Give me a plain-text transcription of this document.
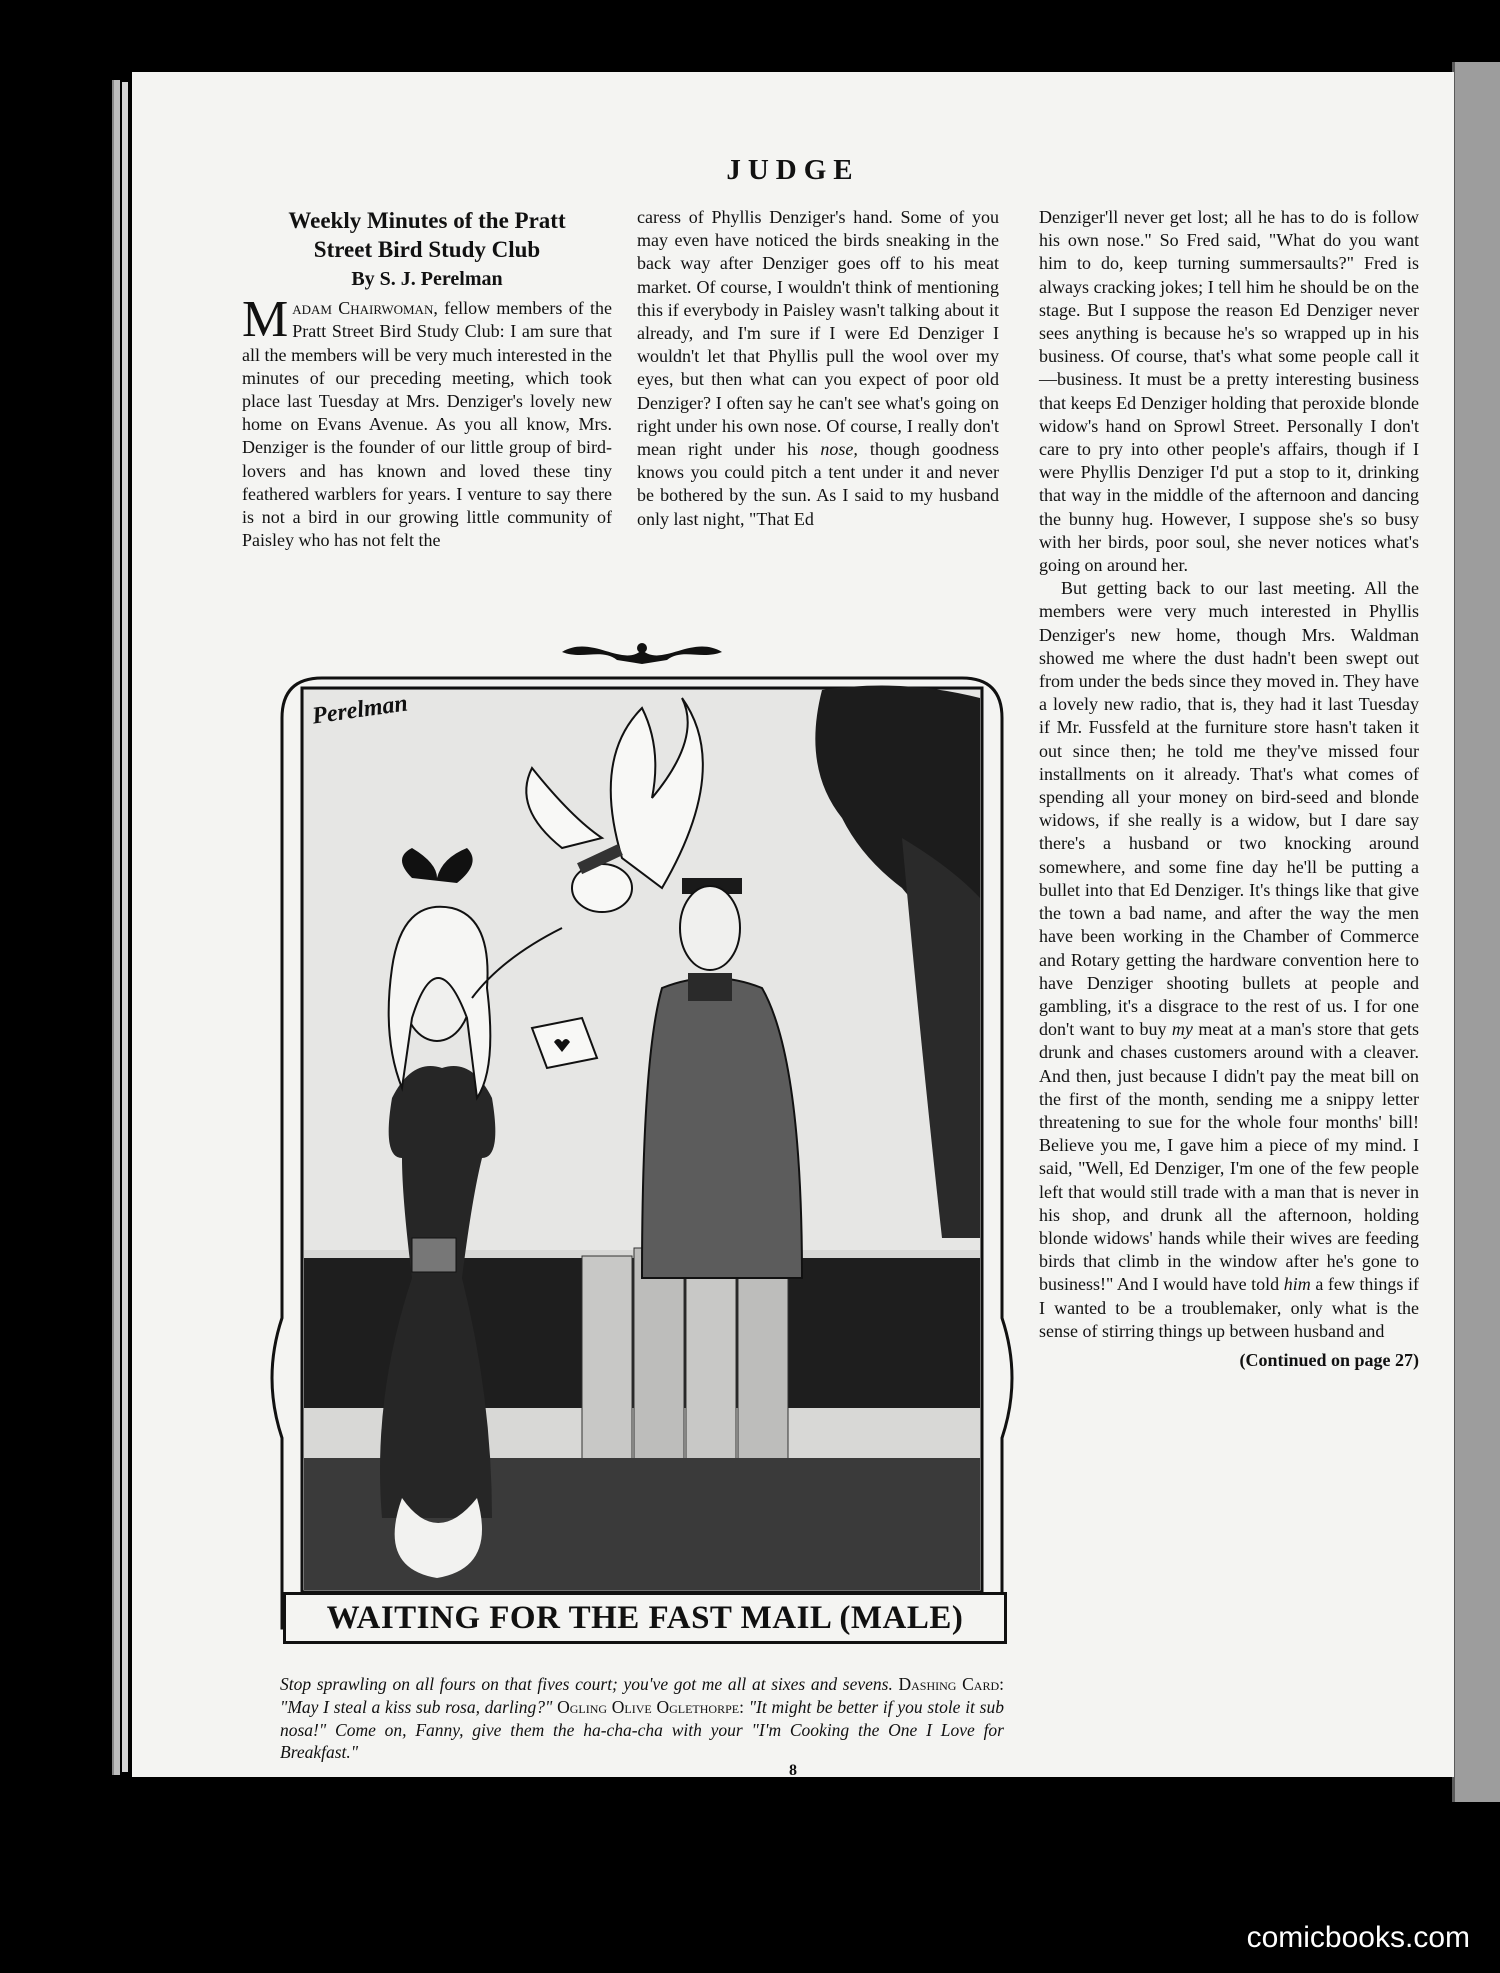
JUDGE
Weekly Minutes of the Pratt
Street Bird Study Club
By S. J. Perelman

Madam Chairwoman, fellow members of the Pratt Street Bird Study Club: I am sure that all the members will be very much interested in the minutes of our preceding meeting, which took place last Tuesday at Mrs. Denziger's lovely new home on Evans Avenue. As you all know, Mrs. Denziger is the founder of our little group of bird-lovers and has known and loved these tiny feathered warblers for years. I venture to say there is not a bird in our growing little community of Paisley who has not felt the

caress of Phyllis Denziger's hand. Some of you may even have noticed the birds sneaking in the back way after Denziger goes off to his meat market. Of course, I wouldn't think of mentioning this if everybody in Paisley wasn't talking about it already, and I'm sure if I were Ed Denziger I wouldn't let that Phyllis pull the wool over my eyes, but then what can you expect of poor old Denziger? I often say he can't see what's going on right under his own nose. Of course, I really don't mean right under his nose, though goodness knows you could pitch a tent under it and never be bothered by the sun. As I said to my husband only last night, "That Ed

Denziger'll never get lost; all he has to do is follow his own nose." So Fred said, "What do you want him to do, keep turning summersaults?" Fred is always cracking jokes; I tell him he should be on the stage. But I suppose the reason Ed Denziger never sees anything is because he's so wrapped up in his business. Of course, that's what some people call it—business. It must be a pretty interesting business that keeps Ed Denziger holding that peroxide blonde widow's hand on Sprowl Street. Personally I don't care to pry into other people's affairs, though if I were Phyllis Denziger I'd put a stop to it, drinking that way in the middle of the afternoon and dancing the bunny hug. However, I suppose she's so busy with her birds, poor soul, she never notices what's going on around her.

But getting back to our last meeting. All the members were very much interested in Phyllis Denziger's new home, though Mrs. Waldman showed me where the dust hadn't been swept out from under the beds since they moved in. They have a lovely new radio, that is, they had it last Tuesday if Mr. Fussfeld at the furniture store hasn't taken it out since then; he told me they've missed four installments on it already. That's what comes of spending all your money on bird-seed and blonde widows, if she really is a widow, but I dare say there's a husband or two knocking around somewhere, and some fine day he'll be putting a bullet into that Ed Denziger. It's things like that give the town a bad name, and after the way the men have been working in the Chamber of Commerce and Rotary getting the hardware convention here to have Denziger shooting bullets at people and gambling, it's a disgrace to the rest of us. I for one don't want to buy my meat at a man's store that gets drunk and chases customers around with a cleaver. And then, just because I didn't pay the meat bill on the first of the month, sending me a snippy letter threatening to sue for the whole four months' bill! Believe you me, I gave him a piece of my mind. I said, "Well, Ed Denziger, I'm one of the few people left that would still trade with a man that is never in his shop, and drunk all the afternoon, holding blonde widows' hands while their wives are feeding birds that climb in the window after he's gone to business!" And I would have told him a few things if I wanted to be a troublemaker, only what is the sense of stirring things up between husband and

(Continued on page 27)
Perelman
WAITING FOR THE FAST MAIL (MALE)
Stop sprawling on all fours on that fives court; you've got me all at sixes and sevens. Dashing Card: "May I steal a kiss sub rosa, darling?" Ogling Olive Oglethorpe: "It might be better if you stole it sub nosa!" Come on, Fanny, give them the ha-cha-cha with your "I'm Cooking the One I Love for Breakfast."
8
comicbooks.com
